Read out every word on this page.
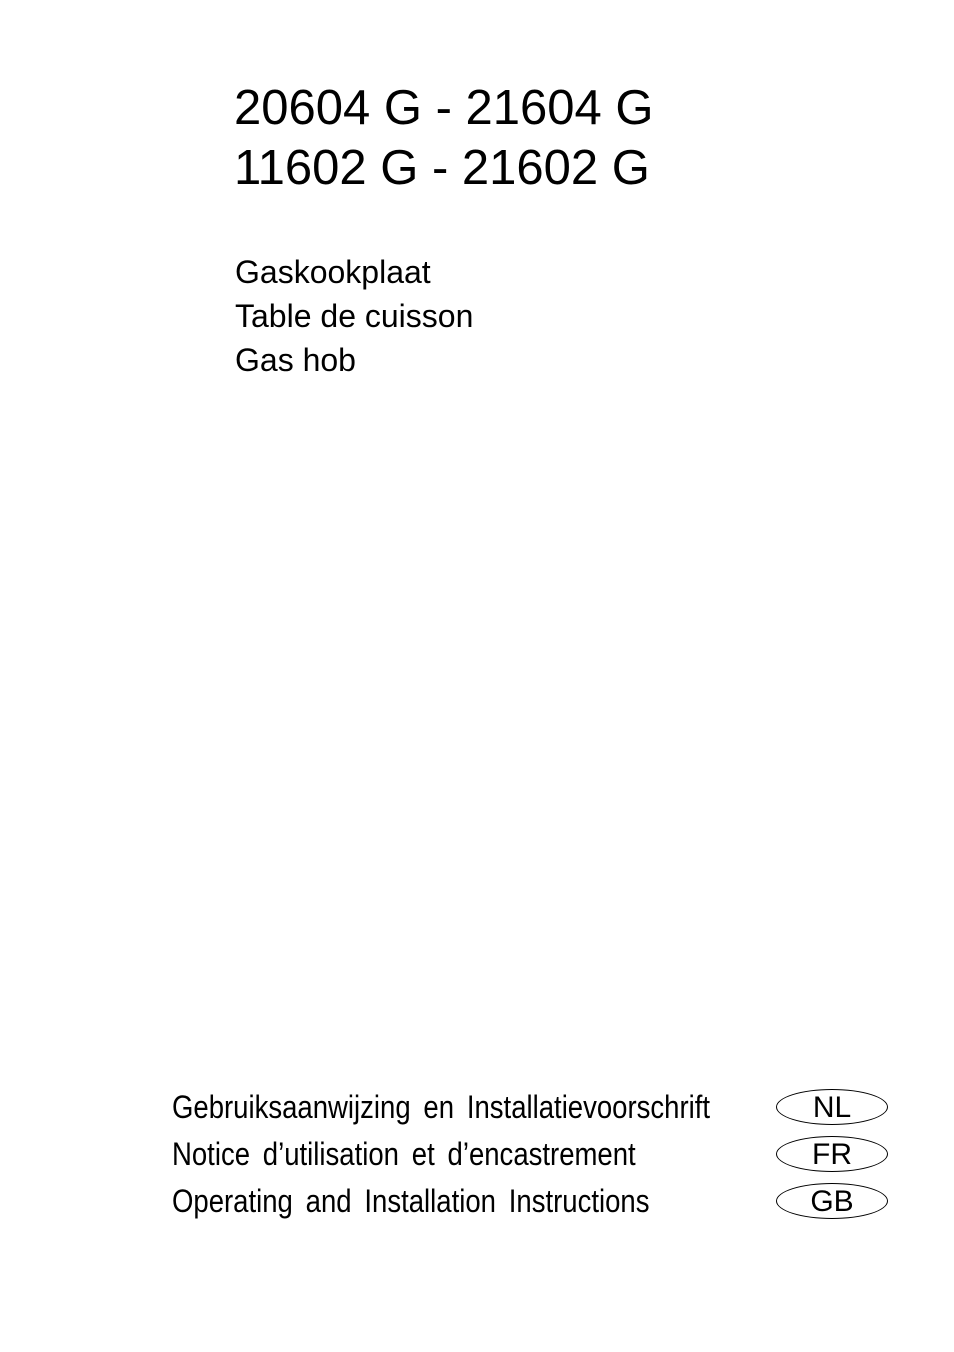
20604 G - 21604 G
11602 G - 21602 G
Gaskookplaat
Table de cuisson
Gas hob
Gebruiksaanwijzing en Installatievoorschrift	NL
Notice d’utilisation et d’encastrement	FR
Operating and Installation Instructions	GB
